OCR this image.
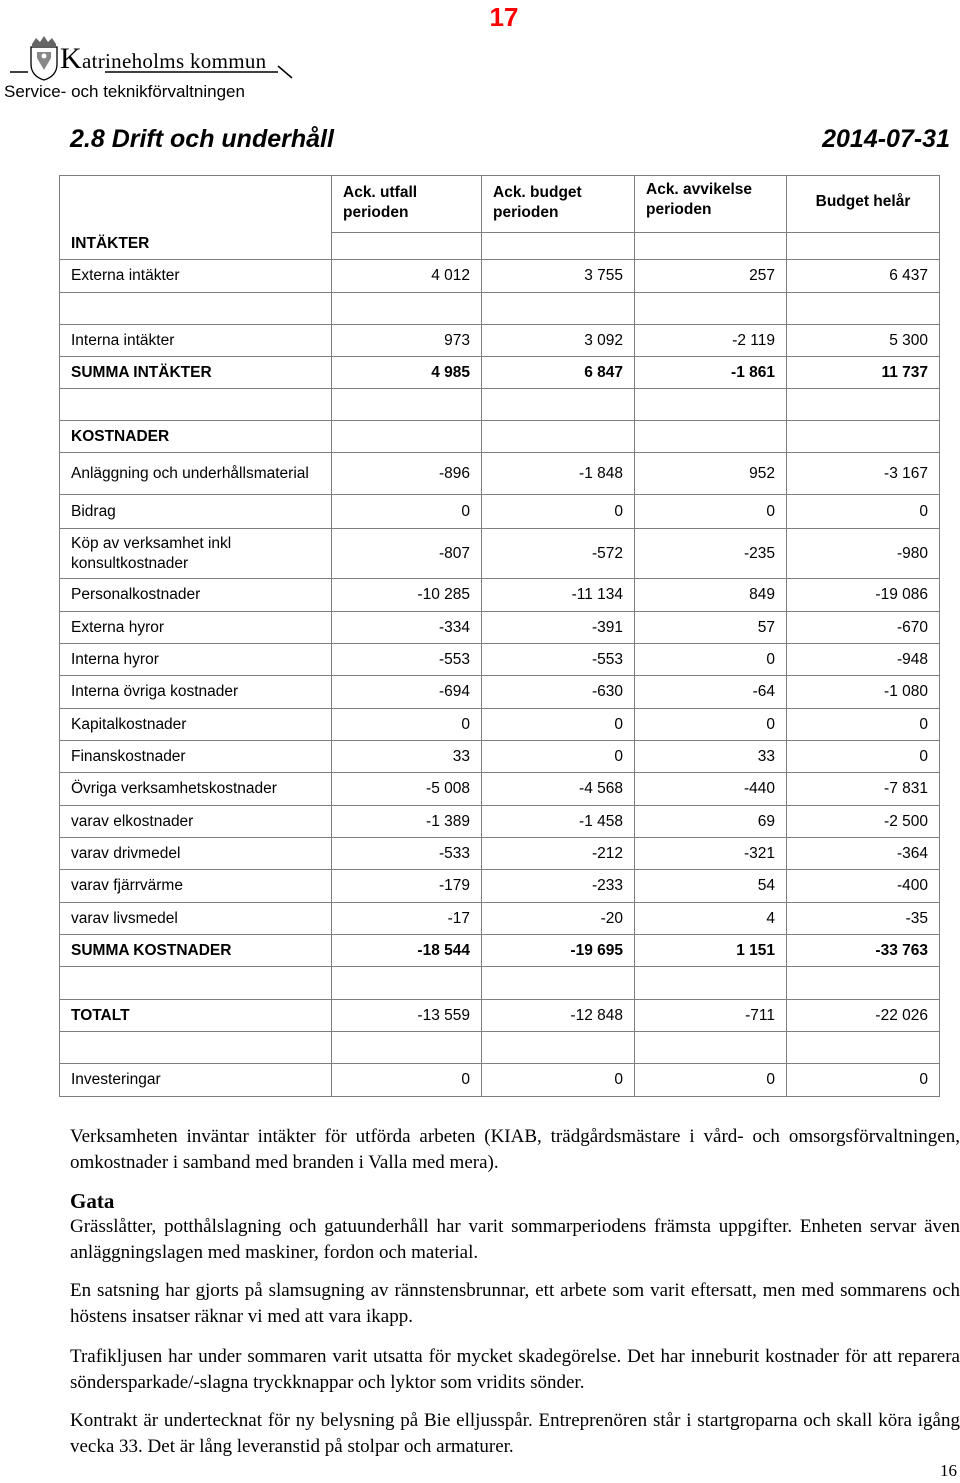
17
Katrineholms kommun
Service- och teknikförvaltningen
2.8 Drift och underhåll	2014-07-31
INTÄKTER	Ack. utfall perioden	Ack. budget perioden	Ack. avvikelse perioden	Budget helår

Externa intäkter	4 012	3 755	257	6 437

Interna intäkter	973	3 092	-2 119	5 300
SUMMA INTÄKTER	4 985	6 847	-1 861	11 737

KOSTNADER				
Anläggning och underhållsmaterial	-896	-1 848	952	-3 167
Bidrag	0	0	0	0
Köp av verksamhet inkl konsultkostnader	-807	-572	-235	-980
Personalkostnader	-10 285	-11 134	849	-19 086
Externa hyror	-334	-391	57	-670
Interna hyror	-553	-553	0	-948
Interna övriga kostnader	-694	-630	-64	-1 080
Kapitalkostnader	0	0	0	0
Finanskostnader	33	0	33	0
Övriga verksamhetskostnader	-5 008	-4 568	-440	-7 831
varav elkostnader	-1 389	-1 458	69	-2 500
varav drivmedel	-533	-212	-321	-364
varav fjärrvärme	-179	-233	54	-400
varav livsmedel	-17	-20	4	-35
SUMMA KOSTNADER	-18 544	-19 695	1 151	-33 763

TOTALT	-13 559	-12 848	-711	-22 026

Investeringar	0	0	0	0

Verksamheten inväntar intäkter för utförda arbeten (KIAB, trädgårdsmästare i vård- och omsorgsförvaltningen, omkostnader i samband med branden i Valla med mera).

Gata

Grässlåtter, potthålslagning och gatuunderhåll har varit sommarperiodens främsta uppgifter. Enheten servar även anläggningslagen med maskiner, fordon och material.

En satsning har gjorts på slamsugning av rännstensbrunnar, ett arbete som varit eftersatt, men med sommarens och höstens insatser räknar vi med att vara ikapp.

Trafikljusen har under sommaren varit utsatta för mycket skadegörelse. Det har inneburit kostnader för att reparera söndersparkade/-slagna tryckknappar och lyktor som vridits sönder.

Kontrakt är undertecknat för ny belysning på Bie elljusspår. Entreprenören står i startgroparna och skall köra igång vecka 33. Det är lång leveranstid på stolpar och armaturer.

16
